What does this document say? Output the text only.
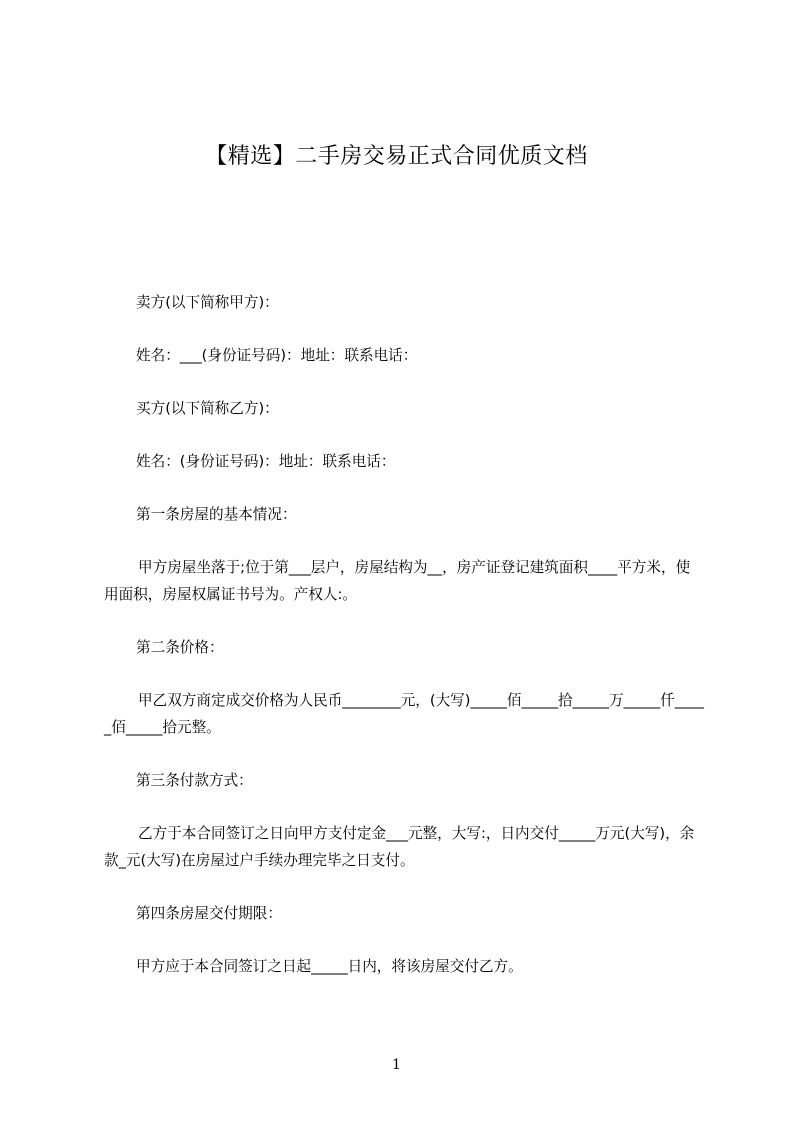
【精选】二手房交易正式合同优质文档

卖方(以下简称甲方)：

姓名：___(身份证号码)：地址：联系电话：

买方(以下简称乙方)：

姓名：(身份证号码)：地址：联系电话：

第一条房屋的基本情况：

甲方房屋坐落于;位于第___层户，房屋结构为__，房产证登记建筑面积____平方米，使用面积，房屋权属证书号为。产权人:。

第二条价格：

甲乙双方商定成交价格为人民币________元，(大写)_____佰_____拾_____万_____仟_____佰_____拾元整。

第三条付款方式：

乙方于本合同签订之日向甲方支付定金___元整，大写:，日内交付_____万元(大写)，余款_元(大写)在房屋过户手续办理完毕之日支付。

第四条房屋交付期限：

甲方应于本合同签订之日起_____日内，将该房屋交付乙方。

1
